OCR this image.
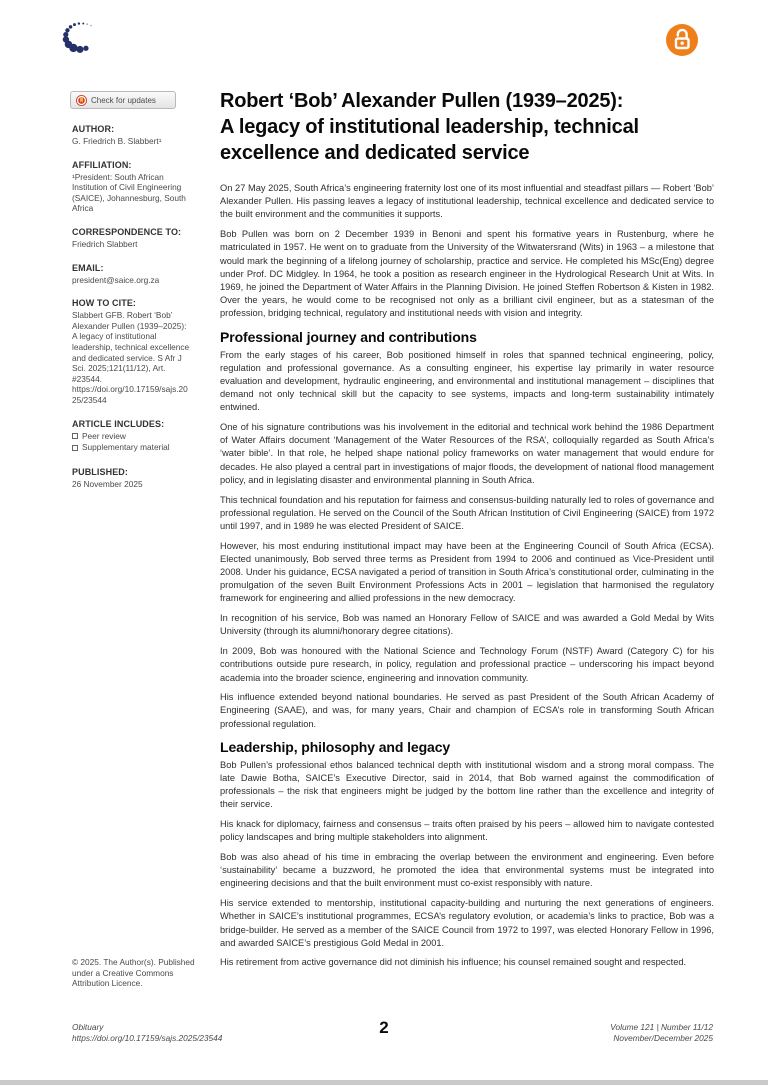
Check for updates
AUTHOR:
G. Friedrich B. Slabbert¹
AFFILIATION:
¹President: South African Institution of Civil Engineering (SAICE), Johannesburg, South Africa
CORRESPONDENCE TO:
Friedrich Slabbert
EMAIL:
president@saice.org.za
HOW TO CITE:
Slabbert GFB. Robert ‘Bob’ Alexander Pullen (1939–2025): A legacy of institutional leadership, technical excellence and dedicated service. S Afr J Sci. 2025;121(11/12), Art. #23544. https://doi.org/10.17159/sajs.2025/23544
ARTICLE INCLUDES:
Peer review
Supplementary material
PUBLISHED:
26 November 2025
© 2025. The Author(s). Published under a Creative Commons Attribution Licence.
Robert ‘Bob’ Alexander Pullen (1939–2025):
A legacy of institutional leadership, technical
excellence and dedicated service

On 27 May 2025, South Africa’s engineering fraternity lost one of its most influential and steadfast pillars — Robert ‘Bob’ Alexander Pullen. His passing leaves a legacy of institutional leadership, technical excellence and dedicated service to the built environment and the communities it supports.

Bob Pullen was born on 2 December 1939 in Benoni and spent his formative years in Rustenburg, where he matriculated in 1957. He went on to graduate from the University of the Witwatersrand (Wits) in 1963 – a milestone that would mark the beginning of a lifelong journey of scholarship, practice and service. He completed his MSc(Eng) degree under Prof. DC Midgley. In 1964, he took a position as research engineer in the Hydrological Research Unit at Wits. In 1969, he joined the Department of Water Affairs in the Planning Division. He joined Steffen Robertson & Kisten in 1982. Over the years, he would come to be recognised not only as a brilliant civil engineer, but as a statesman of the profession, bridging technical, regulatory and institutional needs with vision and integrity.

Professional journey and contributions

From the early stages of his career, Bob positioned himself in roles that spanned technical engineering, policy, regulation and professional governance. As a consulting engineer, his expertise lay primarily in water resource evaluation and development, hydraulic engineering, and environmental and institutional management – disciplines that demand not only technical skill but the capacity to see systems, impacts and long-term sustainability intimately entwined.

One of his signature contributions was his involvement in the editorial and technical work behind the 1986 Department of Water Affairs document ‘Management of the Water Resources of the RSA’, colloquially regarded as South Africa’s ‘water bible’. In that role, he helped shape national policy frameworks on water management that would endure for decades. He also played a central part in investigations of major floods, the development of national flood management policy, and in legislating disaster and environmental planning in South Africa.

This technical foundation and his reputation for fairness and consensus-building naturally led to roles of governance and professional regulation. He served on the Council of the South African Institution of Civil Engineering (SAICE) from 1972 until 1997, and in 1989 he was elected President of SAICE.

However, his most enduring institutional impact may have been at the Engineering Council of South Africa (ECSA). Elected unanimously, Bob served three terms as President from 1994 to 2006 and continued as Vice-President until 2008. Under his guidance, ECSA navigated a period of transition in South Africa’s constitutional order, culminating in the promulgation of the seven Built Environment Professions Acts in 2001 – legislation that harmonised the regulatory framework for engineering and allied professions in the new democracy.

In recognition of his service, Bob was named an Honorary Fellow of SAICE and was awarded a Gold Medal by Wits University (through its alumni/honorary degree citations).

In 2009, Bob was honoured with the National Science and Technology Forum (NSTF) Award (Category C) for his contributions outside pure research, in policy, regulation and professional practice – underscoring his impact beyond academia into the broader science, engineering and innovation community.

His influence extended beyond national boundaries. He served as past President of the South African Academy of Engineering (SAAE), and was, for many years, Chair and champion of ECSA’s role in transforming South African professional regulation.

Leadership, philosophy and legacy

Bob Pullen’s professional ethos balanced technical depth with institutional wisdom and a strong moral compass. The late Dawie Botha, SAICE’s Executive Director, said in 2014, that Bob warned against the commodification of professionals – the risk that engineers might be judged by the bottom line rather than the excellence and integrity of their service.

His knack for diplomacy, fairness and consensus – traits often praised by his peers – allowed him to navigate contested policy landscapes and bring multiple stakeholders into alignment.

Bob was also ahead of his time in embracing the overlap between the environment and engineering. Even before ‘sustainability’ became a buzzword, he promoted the idea that environmental systems must be integrated into engineering decisions and that the built environment must co-exist responsibly with nature.

His service extended to mentorship, institutional capacity-building and nurturing the next generations of engineers. Whether in SAICE’s institutional programmes, ECSA’s regulatory evolution, or academia’s links to practice, Bob was a bridge-builder. He served as a member of the SAICE Council from 1972 to 1997, was elected Honorary Fellow in 1996, and awarded SAICE’s prestigious Gold Medal in 2001.

His retirement from active governance did not diminish his influence; his counsel remained sought and respected.

Obituary
https://doi.org/10.17159/sajs.2025/23544
2	Volume 121 | Number 11/12
November/December 2025
